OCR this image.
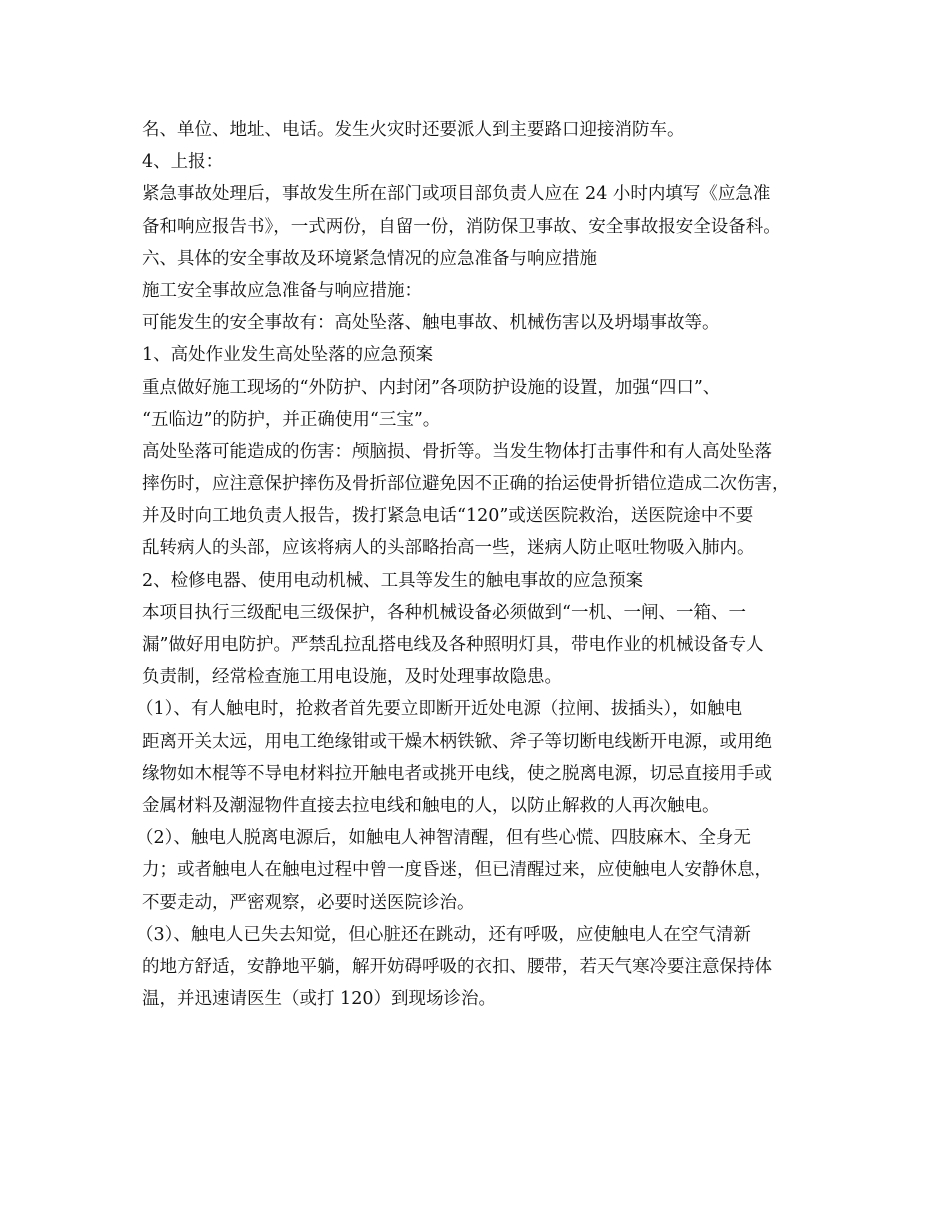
名、单位、地址、电话。发生火灾时还要派人到主要路口迎接消防车。
4、上报：
紧急事故处理后，事故发生所在部门或项目部负责人应在 24 小时内填写《应急准
备和响应报告书》，一式两份，自留一份，消防保卫事故、安全事故报安全设备科。
六、具体的安全事故及环境紧急情况的应急准备与响应措施
施工安全事故应急准备与响应措施：
可能发生的安全事故有：高处坠落、触电事故、机械伤害以及坍塌事故等。
1、高处作业发生高处坠落的应急预案
重点做好施工现场的“外防护、内封闭”各项防护设施的设置，加强“四口”、
“五临边”的防护，并正确使用“三宝”。
高处坠落可能造成的伤害：颅脑损、骨折等。当发生物体打击事件和有人高处坠落
摔伤时，应注意保护摔伤及骨折部位避免因不正确的抬运使骨折错位造成二次伤害，
并及时向工地负责人报告，拨打紧急电话“120”或送医院救治，送医院途中不要
乱转病人的头部，应该将病人的头部略抬高一些，迷病人防止呕吐物吸入肺内。
2、检修电器、使用电动机械、工具等发生的触电事故的应急预案
本项目执行三级配电三级保护，各种机械设备必须做到“一机、一闸、一箱、一
漏”做好用电防护。严禁乱拉乱搭电线及各种照明灯具，带电作业的机械设备专人
负责制，经常检查施工用电设施，及时处理事故隐患。
（1）、有人触电时，抢救者首先要立即断开近处电源（拉闸、拔插头），如触电
距离开关太远，用电工绝缘钳或干燥木柄铁锨、斧子等切断电线断开电源，或用绝
缘物如木棍等不导电材料拉开触电者或挑开电线，使之脱离电源，切忌直接用手或
金属材料及潮湿物件直接去拉电线和触电的人，以防止解救的人再次触电。
（2）、触电人脱离电源后，如触电人神智清醒，但有些心慌、四肢麻木、全身无
力；或者触电人在触电过程中曾一度昏迷，但已清醒过来，应使触电人安静休息，
不要走动，严密观察，必要时送医院诊治。
（3）、触电人已失去知觉，但心脏还在跳动，还有呼吸，应使触电人在空气清新
的地方舒适，安静地平躺，解开妨碍呼吸的衣扣、腰带，若天气寒冷要注意保持体
温，并迅速请医生（或打 120）到现场诊治。
